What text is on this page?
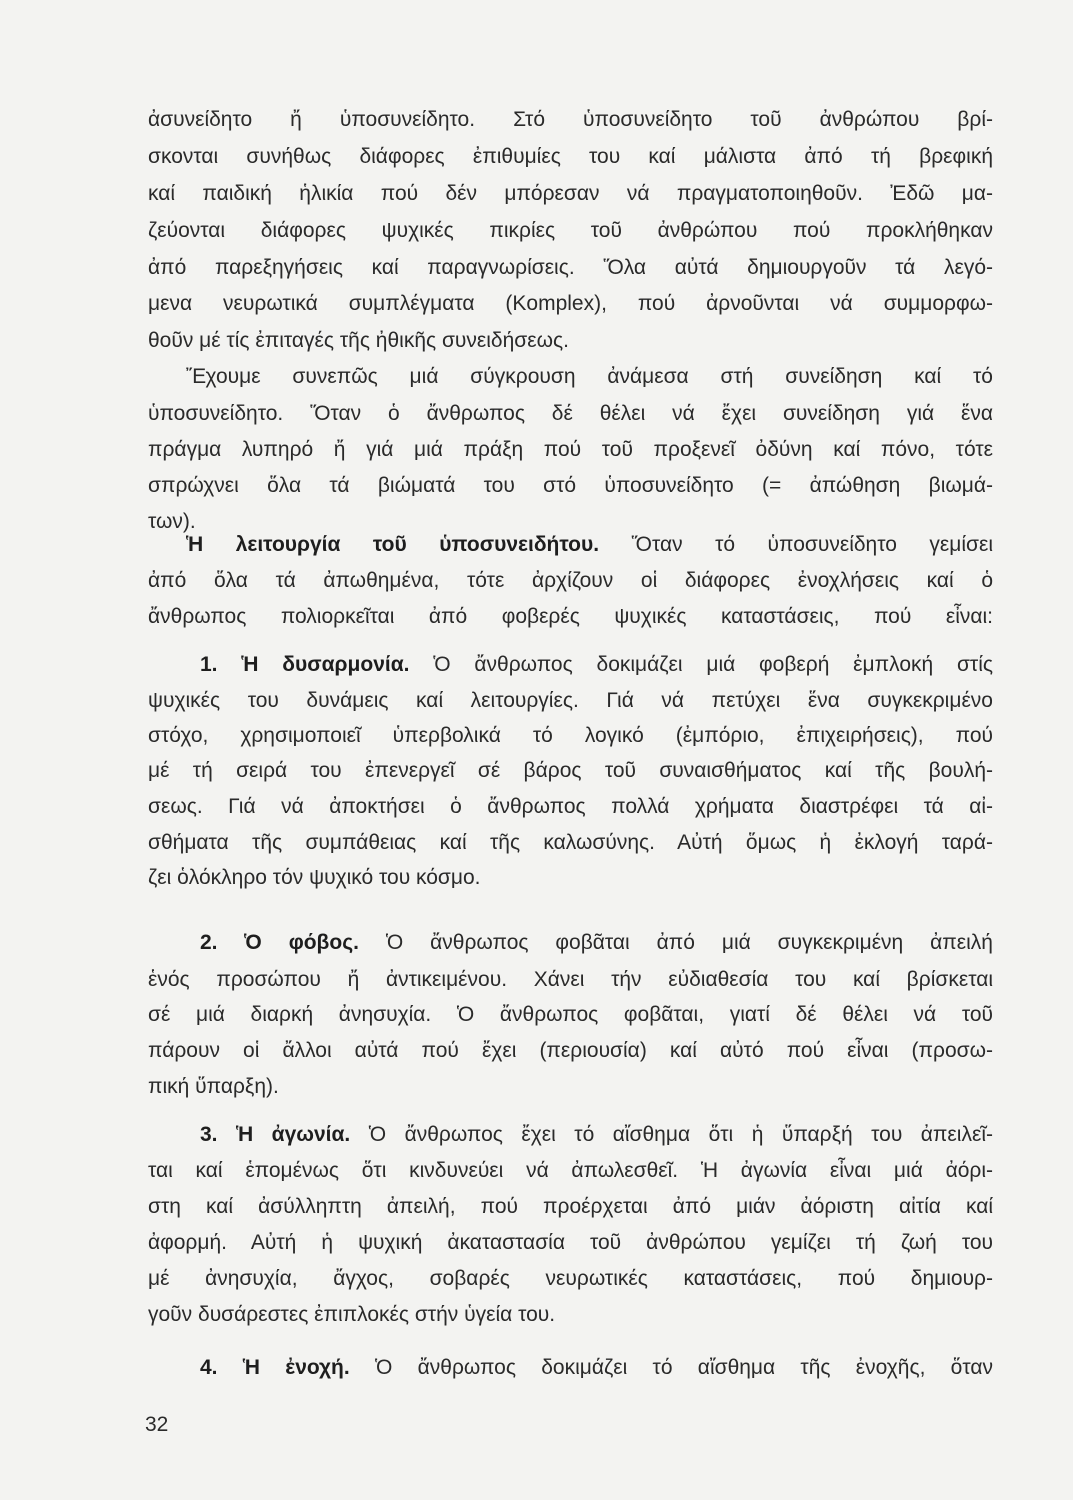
32
ἀσυνείδητο ἤ ὑποσυνείδητο. Στό ὑποσυνείδητο τοῦ ἀνθρώπου βρί-
σκονται συνήθως διάφορες ἐπιθυμίες του καί μάλιστα ἀπό τή βρεφική
καί παιδική ἡλικία πού δέν μπόρεσαν νά πραγματοποιηθοῦν. Ἐδῶ μα-
ζεύονται διάφορες ψυχικές πικρίες τοῦ ἀνθρώπου πού προκλήθηκαν
ἀπό παρεξηγήσεις καί παραγνωρίσεις. Ὅλα αὐτά δημιουργοῦν τά λεγό-
μενα νευρωτικά συμπλέγματα (Komplex), πού ἀρνοῦνται νά συμμορφω-
θοῦν μέ τίς ἐπιταγές τῆς ἠθικῆς συνειδήσεως.
Ἔχουμε συνεπῶς μιά σύγκρουση ἀνάμεσα στή συνείδηση καί τό
ὑποσυνείδητο. Ὅταν ὁ ἄνθρωπος δέ θέλει νά ἔχει συνείδηση γιά ἕνα
πράγμα λυπηρό ἤ γιά μιά πράξη πού τοῦ προξενεῖ ὀδύνη καί πόνο, τότε
σπρώχνει ὅλα τά βιώματά του στό ὑποσυνείδητο (= ἀπώθηση βιωμά-
των).
Ἡ λειτουργία τοῦ ὑποσυνειδήτου. Ὅταν τό ὑποσυνείδητο γεμίσει
ἀπό ὅλα τά ἀπωθημένα, τότε ἀρχίζουν οἱ διάφορες ἐνοχλήσεις καί ὁ
ἄνθρωπος πολιορκεῖται ἀπό φοβερές ψυχικές καταστάσεις, πού εἶναι:
1. Ἡ δυσαρμονία. Ὁ ἄνθρωπος δοκιμάζει μιά φοβερή ἐμπλοκή στίς
ψυχικές του δυνάμεις καί λειτουργίες. Γιά νά πετύχει ἕνα συγκεκριμένο
στόχο, χρησιμοποιεῖ ὑπερβολικά τό λογικό (ἐμπόριο, ἐπιχειρήσεις), πού
μέ τή σειρά του ἐπενεργεῖ σέ βάρος τοῦ συναισθήματος καί τῆς βουλή-
σεως. Γιά νά ἀποκτήσει ὁ ἄνθρωπος πολλά χρήματα διαστρέφει τά αἰ-
σθήματα τῆς συμπάθειας καί τῆς καλωσύνης. Αὐτή ὅμως ἡ ἐκλογή ταρά-
ζει ὁλόκληρο τόν ψυχικό του κόσμο.
2. Ὁ φόβος. Ὁ ἄνθρωπος φοβᾶται ἀπό μιά συγκεκριμένη ἀπειλή
ἑνός προσώπου ἤ ἀντικειμένου. Χάνει τήν εὐδιαθεσία του καί βρίσκεται
σέ μιά διαρκή ἀνησυχία. Ὁ ἄνθρωπος φοβᾶται, γιατί δέ θέλει νά τοῦ
πάρουν οἱ ἄλλοι αὐτά πού ἔχει (περιουσία) καί αὐτό πού εἶναι (προσω-
πική ὕπαρξη).
3. Ἡ ἀγωνία. Ὁ ἄνθρωπος ἔχει τό αἴσθημα ὅτι ἡ ὕπαρξή του ἀπειλεῖ-
ται καί ἑπομένως ὅτι κινδυνεύει νά ἀπωλεσθεῖ. Ἡ ἀγωνία εἶναι μιά ἀόρι-
στη καί ἀσύλληπτη ἀπειλή, πού προέρχεται ἀπό μιάν ἀόριστη αἰτία καί
ἀφορμή. Αὐτή ἡ ψυχική ἀκαταστασία τοῦ ἀνθρώπου γεμίζει τή ζωή του
μέ ἀνησυχία, ἄγχος, σοβαρές νευρωτικές καταστάσεις, πού δημιουρ-
γοῦν δυσάρεστες ἐπιπλοκές στήν ὑγεία του.
4. Ἡ ἐνοχή. Ὁ ἄνθρωπος δοκιμάζει τό αἴσθημα τῆς ἐνοχῆς, ὅταν
